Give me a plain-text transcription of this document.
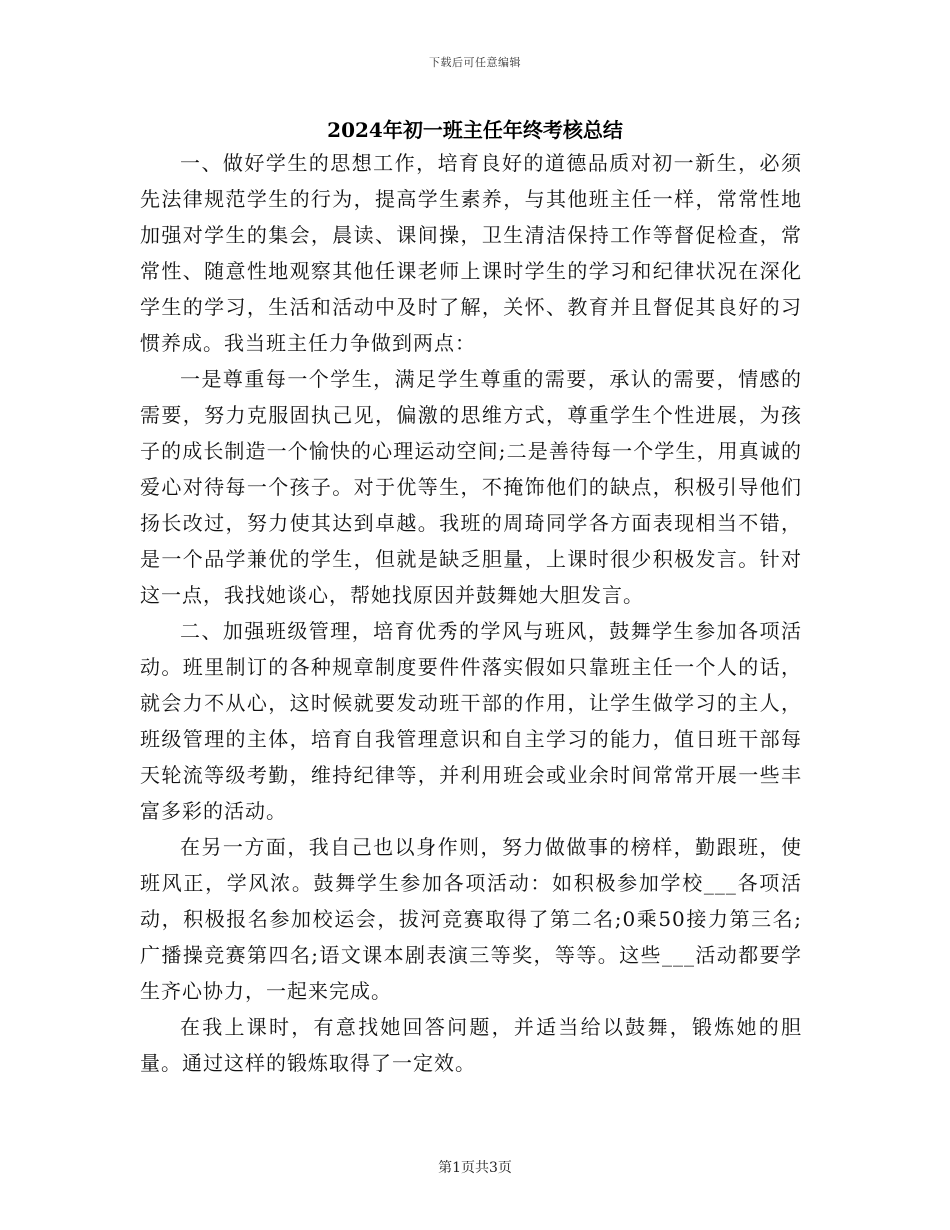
下载后可任意编辑
2024年初一班主任年终考核总结

一、做好学生的思想工作，培育良好的道德品质对初一新生，必须先法律规范学生的行为，提高学生素养，与其他班主任一样，常常性地加强对学生的集会，晨读、课间操，卫生清洁保持工作等督促检查，常常性、随意性地观察其他任课老师上课时学生的学习和纪律状况在深化学生的学习，生活和活动中及时了解，关怀、教育并且督促其良好的习惯养成。我当班主任力争做到两点：

一是尊重每一个学生，满足学生尊重的需要，承认的需要，情感的需要，努力克服固执己见，偏激的思维方式，尊重学生个性进展，为孩子的成长制造一个愉快的心理运动空间;二是善待每一个学生，用真诚的爱心对待每一个孩子。对于优等生，不掩饰他们的缺点，积极引导他们扬长改过，努力使其达到卓越。我班的周琦同学各方面表现相当不错，是一个品学兼优的学生，但就是缺乏胆量，上课时很少积极发言。针对这一点，我找她谈心，帮她找原因并鼓舞她大胆发言。

二、加强班级管理，培育优秀的学风与班风，鼓舞学生参加各项活动。班里制订的各种规章制度要件件落实假如只靠班主任一个人的话，就会力不从心，这时候就要发动班干部的作用，让学生做学习的主人，班级管理的主体，培育自我管理意识和自主学习的能力，值日班干部每天轮流等级考勤，维持纪律等，并利用班会或业余时间常常开展一些丰富多彩的活动。

在另一方面，我自己也以身作则，努力做做事的榜样，勤跟班，使班风正，学风浓。鼓舞学生参加各项活动：如积极参加学校___各项活动，积极报名参加校运会，拔河竞赛取得了第二名;0乘50接力第三名;广播操竞赛第四名;语文课本剧表演三等奖，等等。这些___活动都要学生齐心协力，一起来完成。

在我上课时，有意找她回答问题，并适当给以鼓舞，锻炼她的胆量。通过这样的锻炼取得了一定效。

第1页共3页
